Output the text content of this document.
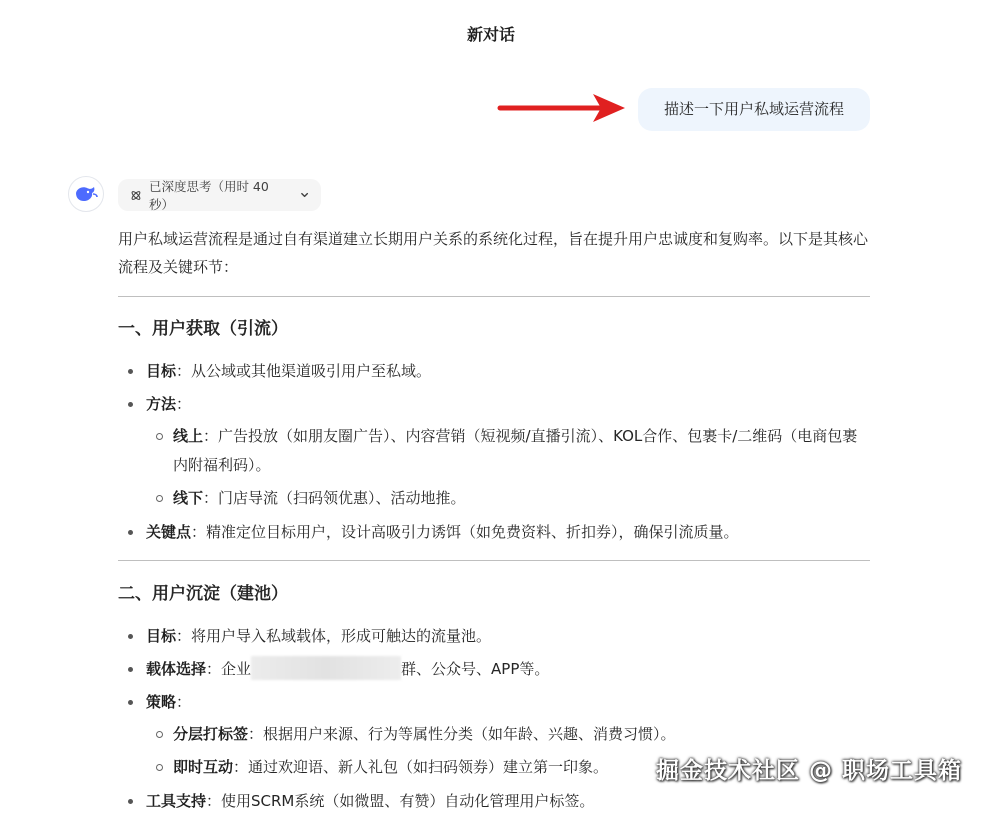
新对话
描述一下用户私域运营流程
已深度思考（用时 40 秒）

用户私域运营流程是通过自有渠道建立长期用户关系的系统化过程，旨在提升用户忠诚度和复购率。以下是其核心流程及关键环节：

一、用户获取（引流）
目标：从公域或其他渠道吸引用户至私域。
方法：
线上：广告投放（如朋友圈广告）、内容营销（短视频/直播引流）、KOL合作、包裹卡/二维码（电商包裹内附福利码）。
线下：门店导流（扫码领优惠）、活动地推。
关键点：精准定位目标用户，设计高吸引力诱饵（如免费资料、折扣券），确保引流质量。
二、用户沉淀（建池）
目标：将用户导入私域载体，形成可触达的流量池。
载体选择：企业	群、公众号、APP等。
策略：
分层打标签：根据用户来源、行为等属性分类（如年龄、兴趣、消费习惯）。
即时互动：通过欢迎语、新人礼包（如扫码领券）建立第一印象。
工具支持：使用SCRM系统（如微盟、有赞）自动化管理用户标签。
掘金技术社区 @ 职场工具箱
